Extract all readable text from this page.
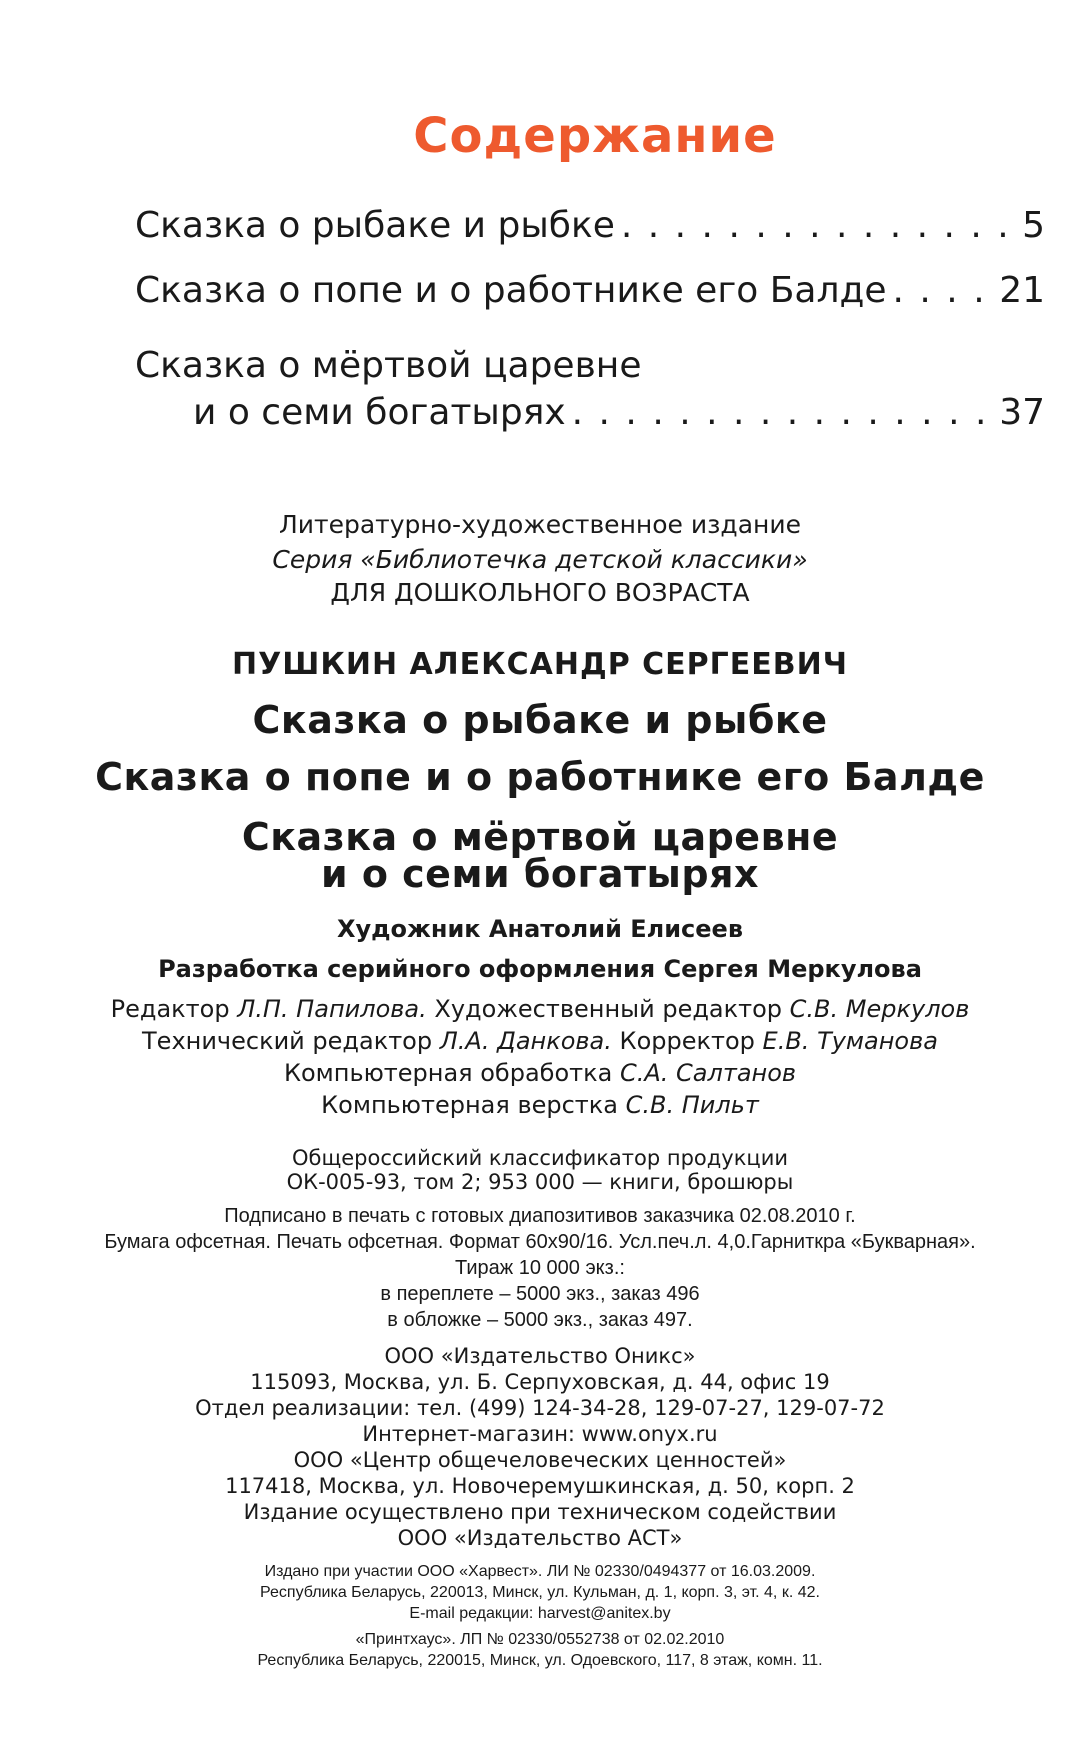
Содержание
Сказка о рыбаке и рыбке . . .	5
Сказка о попе и о работнике его Балде . . .	21
Сказка о мёртвой царевне
и о семи богатырях . . .	37
Литературно-художественное издание
Серия «Библиотечка детской классики»
ДЛЯ ДОШКОЛЬНОГО ВОЗРАСТА
ПУШКИН АЛЕКСАНДР СЕРГЕЕВИЧ
Сказка о рыбаке и рыбке
Сказка о попе и о работнике его Балде
Сказка о мёртвой царевне
и о семи богатырях
Художник Анатолий Елисеев
Разработка серийного оформления Сергея Меркулова
Редактор Л.П. Папилова. Художественный редактор С.В. Меркулов
Технический редактор Л.А. Данкова. Корректор Е.В. Туманова
Компьютерная обработка С.А. Салтанов
Компьютерная верстка С.В. Пильт
Общероссийский классификатор продукции
ОК-005-93, том 2; 953 000 — книги, брошюры
Подписано в печать с готовых диапозитивов заказчика 02.08.2010 г.
Бумага офсетная. Печать офсетная. Формат 60x90/16. Усл.печ.л. 4,0.Гарниткра «Букварная».
Тираж 10 000 экз.:
в переплете – 5000 экз., заказ 496
в обложке – 5000 экз., заказ 497.
ООО «Издательство Оникс»
115093, Москва, ул. Б. Серпуховская, д. 44, офис 19
Отдел реализации: тел. (499) 124-34-28, 129-07-27, 129-07-72
Интернет-магазин: www.onyx.ru
ООО «Центр общечеловеческих ценностей»
117418, Москва, ул. Новочеремушкинская, д. 50, корп. 2
Издание осуществлено при техническом содействии
ООО «Издательство АСТ»
Издано при участии ООО «Харвест». ЛИ № 02330/0494377 от 16.03.2009.
Республика Беларусь, 220013, Минск, ул. Кульман, д. 1, корп. 3, эт. 4, к. 42.
E-mail редакции: harvest@anitex.by
«Принтхаус». ЛП № 02330/0552738 от 02.02.2010
Республика Беларусь, 220015, Минск, ул. Одоевского, 117, 8 этаж, комн. 11.
